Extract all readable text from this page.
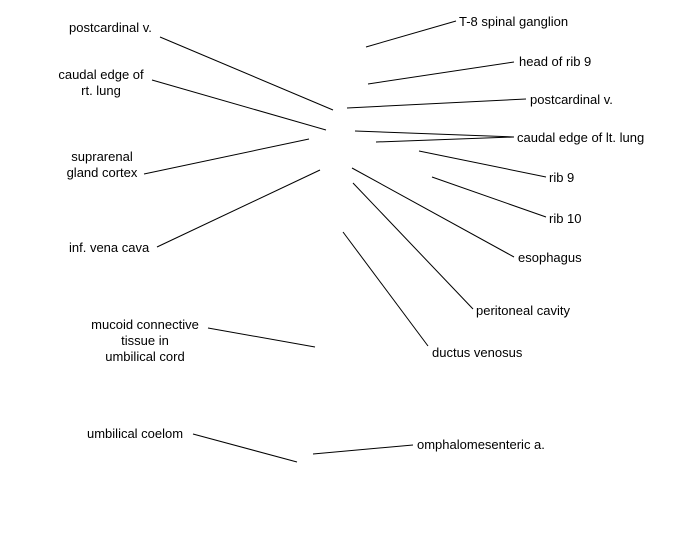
postcardinal v.
caudal edge of
rt. lung
suprarenal
gland cortex
inf. vena cava
mucoid connective
tissue in
umbilical cord
umbilical coelom
T-8 spinal ganglion
head of rib 9
postcardinal v.
caudal edge of lt. lung
rib 9
rib 10
esophagus
peritoneal cavity
ductus venosus
omphalomesenteric a.
